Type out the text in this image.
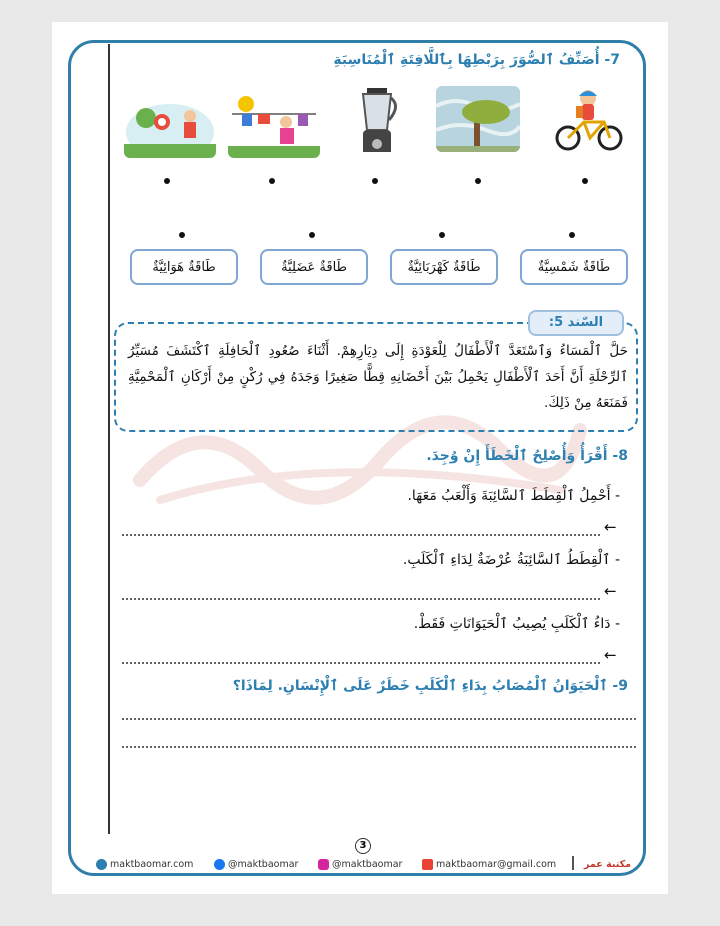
7- أُصَنِّفُ ٱلصُّوَرَ بِرَبْطِهَا بِٱللَّافِتَةِ ٱلْمُنَاسِبَةِ
طَاقَةٌ شَمْسِيَّةٌ
طَاقَةٌ كَهْرَبَائِيَّةٌ
طَاقَةٌ عَضَلِيَّةٌ
طَاقَةٌ هَوَائِيَّةٌ
السّند 5:
حَلَّ ٱلْمَسَاءُ وَٱسْتَعَدَّ ٱلْأَطْفَالُ لِلْعَوْدَةِ إِلَى دِيَارِهِمْ. أَثْنَاءَ صُعُودِ ٱلْحَافِلَةِ ٱكْتَشَفَ مُسَيِّرُ ٱلرِّحْلَةِ أَنَّ أَحَدَ ٱلْأَطْفَالِ يَحْمِلُ بَيْنَ أَحْضَانِهِ قِطًّا صَغِيرًا وَجَدَهُ فِي رُكْنٍ مِنْ أَرْكَانِ ٱلْمَحْمِيَّةِ فَمَنَعَهُ مِنْ ذَلِكَ.
8- أَقْرَأُ وَأُصْلِحُ ٱلْخَطَأَ إِنْ وُجِدَ.
- أَحْمِلُ ٱلْقِطَطَ ٱلسَّائِبَةَ وَأَلْعَبُ مَعَهَا.
←
- ٱلْقِطَطُ ٱلسَّائِبَةُ عُرْضَةٌ لِدَاءِ ٱلْكَلَبِ.
←
- دَاءُ ٱلْكَلَبِ يُصِيبُ ٱلْحَيَوَانَاتِ فَقَطْ.
←
9- ٱلْحَيَوَانُ ٱلْمُصَابُ بِدَاءِ ٱلْكَلَبِ خَطَرٌ عَلَى ٱلْإِنْسَانِ. لِمَاذَا؟
3
maktbaomar.com	@maktbaomar	@maktbaomar	maktbaomar@gmail.com	مكتبة عمر
